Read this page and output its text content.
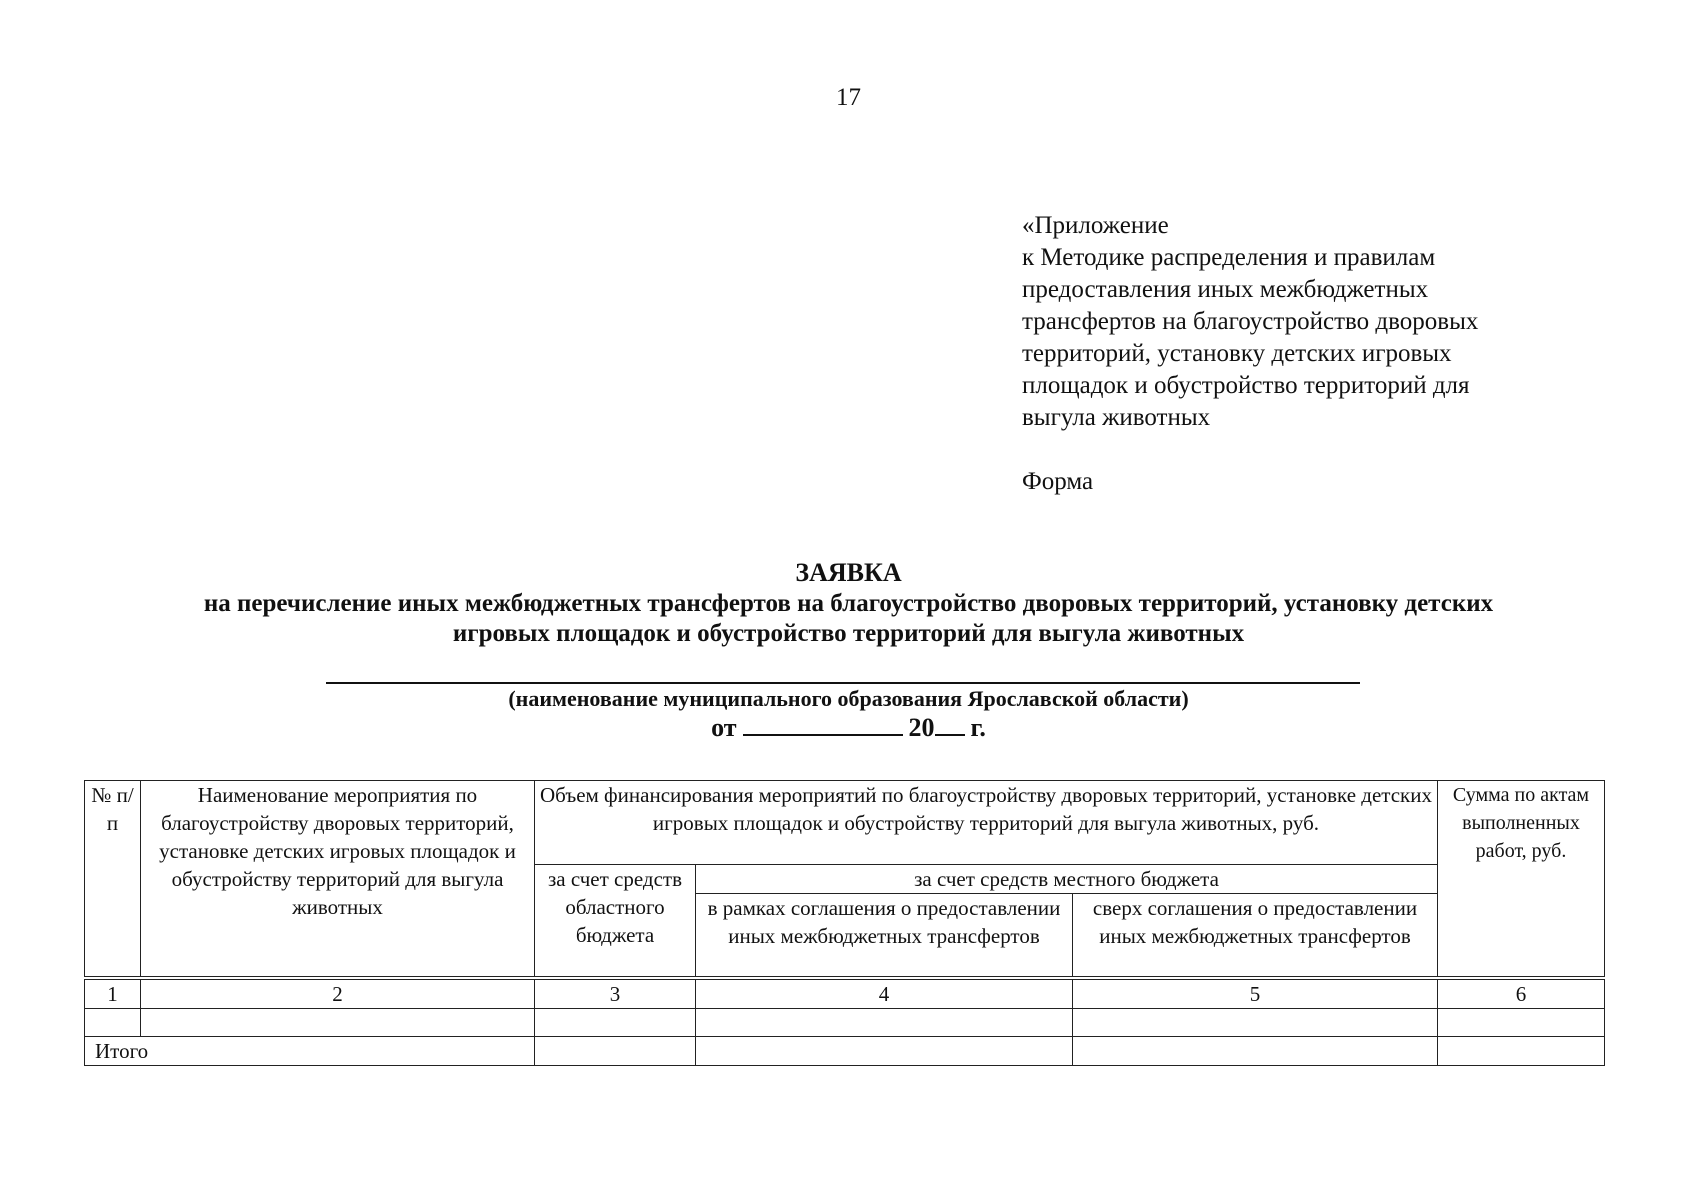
17
«Приложение
к Методике распределения и правилам
предоставления иных межбюджетных
трансфертов на благоустройство дворовых
территорий, установку детских игровых
площадок и обустройство территорий для
выгула животных
Форма
ЗАЯВКА
на перечисление иных межбюджетных трансфертов на благоустройство дворовых территорий, установку детских
игровых площадок и обустройство территорий для выгула животных
(наименование муниципального образования Ярославской области)
от	20 г.
№ п/п	Наименование мероприятия по благоустройству дворовых территорий, установке детских игровых площадок и обустройству территорий для выгула животных	Объем финансирования мероприятий по благоустройству дворовых территорий, установке детских игровых площадок и обустройству территорий для выгула животных, руб.			Сумма по актам выполненных работ, руб.
		за счет средств областного бюджета	за счет средств местного бюджета		
			в рамках соглашения о предоставлении иных межбюджетных трансфертов	сверх соглашения о предоставлении иных межбюджетных трансфертов	
1	2	3	4	5	6

Итого					
